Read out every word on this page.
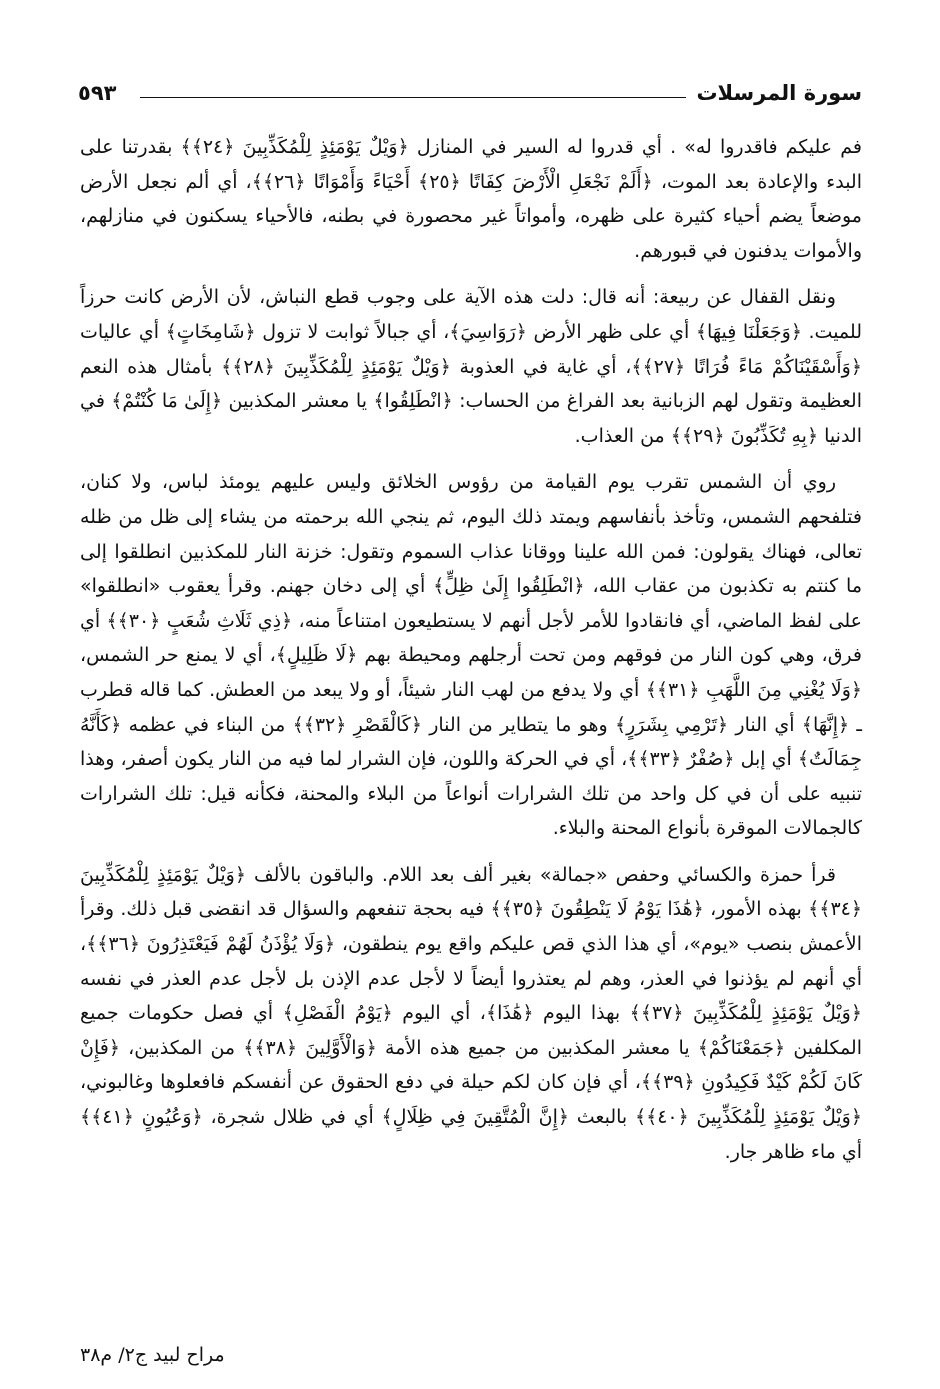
سورة المرسلات
٥٩٣

فم عليكم فاقدروا له» . أي قدروا له السير في المنازل ﴿وَيْلٌ يَوْمَئِذٍ لِلْمُكَذِّبِينَ ﴿٢٤﴾﴾ بقدرتنا على البدء والإعادة بعد الموت، ﴿أَلَمْ نَجْعَلِ الْأَرْضَ كِفَاتًا ﴿٢٥﴾ أَحْيَاءً وَأَمْوَاتًا ﴿٢٦﴾﴾، أي ألم نجعل الأرض موضعاً يضم أحياء كثيرة على ظهره، وأمواتاً غير محصورة في بطنه، فالأحياء يسكنون في منازلهم، والأموات يدفنون في قبورهم.

ونقل القفال عن ربيعة: أنه قال: دلت هذه الآية على وجوب قطع النباش، لأن الأرض كانت حرزاً للميت. ﴿وَجَعَلْنَا فِيهَا﴾ أي على ظهر الأرض ﴿رَوَاسِيَ﴾، أي جبالاً ثوابت لا تزول ﴿شَامِخَاتٍ﴾ أي عاليات ﴿وَأَسْقَيْنَاكُمْ مَاءً فُرَاتًا ﴿٢٧﴾﴾، أي غاية في العذوبة ﴿وَيْلٌ يَوْمَئِذٍ لِلْمُكَذِّبِينَ ﴿٢٨﴾﴾ بأمثال هذه النعم العظيمة وتقول لهم الزبانية بعد الفراغ من الحساب: ﴿انْطَلِقُوا﴾ يا معشر المكذبين ﴿إِلَىٰ مَا كُنْتُمْ﴾ في الدنيا ﴿بِهِ تُكَذِّبُونَ ﴿٢٩﴾﴾ من العذاب.

روي أن الشمس تقرب يوم القيامة من رؤوس الخلائق وليس عليهم يومئذ لباس، ولا كنان، فتلفحهم الشمس، وتأخذ بأنفاسهم ويمتد ذلك اليوم، ثم ينجي الله برحمته من يشاء إلى ظل من ظله تعالى، فهناك يقولون: فمن الله علينا ووقانا عذاب السموم وتقول: خزنة النار للمكذبين انطلقوا إلى ما كنتم به تكذبون من عقاب الله، ﴿انْطَلِقُوا إِلَىٰ ظِلٍّ﴾ أي إلى دخان جهنم. وقرأ يعقوب «انطلقوا» على لفظ الماضي، أي فانقادوا للأمر لأجل أنهم لا يستطيعون امتناعاً منه، ﴿ذِي ثَلَاثِ شُعَبٍ ﴿٣٠﴾﴾ أي فرق، وهي كون النار من فوقهم ومن تحت أرجلهم ومحيطة بهم ﴿لَا ظَلِيلٍ﴾، أي لا يمنع حر الشمس، ﴿وَلَا يُغْنِي مِنَ اللَّهَبِ ﴿٣١﴾﴾ أي ولا يدفع من لهب النار شيئاً، أو ولا يبعد من العطش. كما قاله قطرب ـ ﴿إِنَّهَا﴾ أي النار ﴿تَرْمِي بِشَرَرٍ﴾ وهو ما يتطاير من النار ﴿كَالْقَصْرِ ﴿٣٢﴾﴾ من البناء في عظمه ﴿كَأَنَّهُ جِمَالَتٌ﴾ أي إبل ﴿صُفْرٌ ﴿٣٣﴾﴾، أي في الحركة واللون، فإن الشرار لما فيه من النار يكون أصفر، وهذا تنبيه على أن في كل واحد من تلك الشرارات أنواعاً من البلاء والمحنة، فكأنه قيل: تلك الشرارات كالجمالات الموقرة بأنواع المحنة والبلاء.

قرأ حمزة والكسائي وحفص «جمالة» بغير ألف بعد اللام. والباقون بالألف ﴿وَيْلٌ يَوْمَئِذٍ لِلْمُكَذِّبِينَ ﴿٣٤﴾﴾ بهذه الأمور، ﴿هَٰذَا يَوْمُ لَا يَنْطِقُونَ ﴿٣٥﴾﴾ فيه بحجة تنفعهم والسؤال قد انقضى قبل ذلك. وقرأ الأعمش بنصب «يوم»، أي هذا الذي قص عليكم واقع يوم ينطقون، ﴿وَلَا يُؤْذَنُ لَهُمْ فَيَعْتَذِرُونَ ﴿٣٦﴾﴾، أي أنهم لم يؤذنوا في العذر، وهم لم يعتذروا أيضاً لا لأجل عدم الإذن بل لأجل عدم العذر في نفسه ﴿وَيْلٌ يَوْمَئِذٍ لِلْمُكَذِّبِينَ ﴿٣٧﴾﴾ بهذا اليوم ﴿هَٰذَا﴾، أي اليوم ﴿يَوْمُ الْفَصْلِ﴾ أي فصل حكومات جميع المكلفين ﴿جَمَعْنَاكُمْ﴾ يا معشر المكذبين من جميع هذه الأمة ﴿وَالْأَوَّلِينَ ﴿٣٨﴾﴾ من المكذبين، ﴿فَإِنْ كَانَ لَكُمْ كَيْدٌ فَكِيدُونِ ﴿٣٩﴾﴾، أي فإن كان لكم حيلة في دفع الحقوق عن أنفسكم فافعلوها وغالبوني، ﴿وَيْلٌ يَوْمَئِذٍ لِلْمُكَذِّبِينَ ﴿٤٠﴾﴾ بالبعث ﴿إِنَّ الْمُتَّقِينَ فِي ظِلَالٍ﴾ أي في ظلال شجرة، ﴿وَعُيُونٍ ﴿٤١﴾﴾ أي ماء ظاهر جار.

مراح لبيد ج٢/ م٣٨
